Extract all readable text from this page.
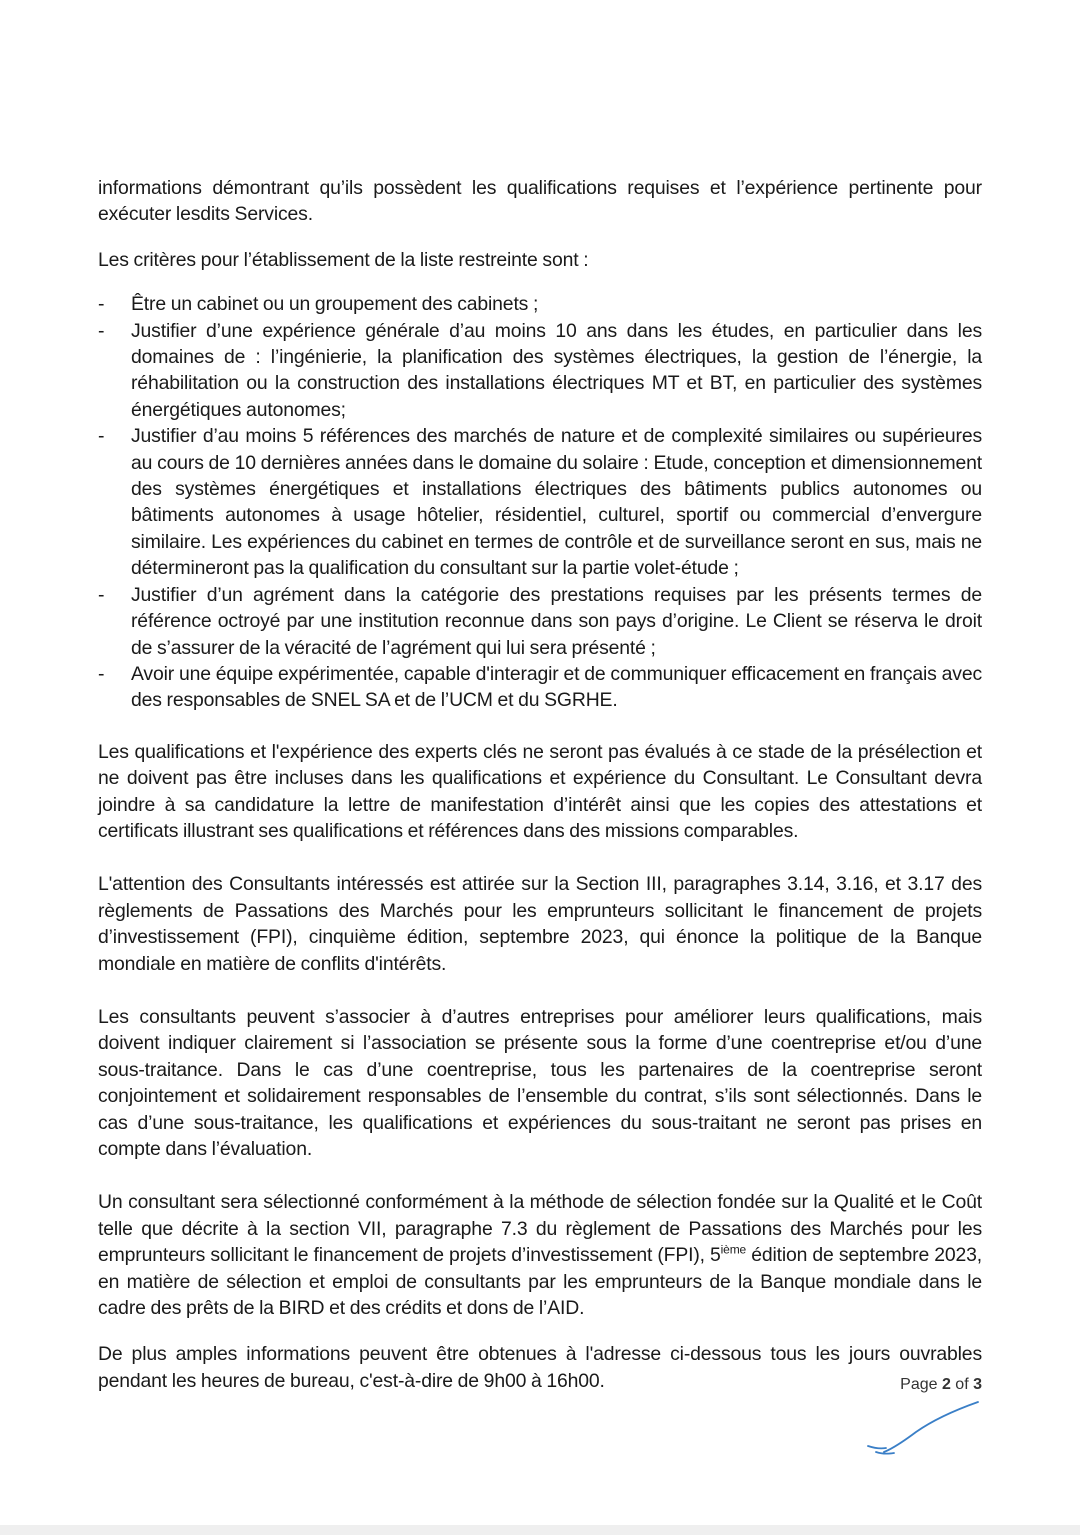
informations démontrant qu’ils possèdent les qualifications requises et l’expérience pertinente pour exécuter lesdits Services.

Les critères pour l’établissement de la liste restreinte sont :

- Être un cabinet ou un groupement des cabinets ;
- Justifier d’une expérience générale d’au moins 10 ans dans les études, en particulier dans les domaines de : l’ingénierie, la planification des systèmes électriques, la gestion de l’énergie, la réhabilitation ou la construction des installations électriques MT et BT, en particulier des systèmes énergétiques autonomes;
- Justifier d’au moins 5 références des marchés de nature et de complexité similaires ou supérieures au cours de 10 dernières années dans le domaine du solaire : Etude, conception et dimensionnement des systèmes énergétiques et installations électriques des bâtiments publics autonomes ou bâtiments autonomes à usage hôtelier, résidentiel, culturel, sportif ou commercial d’envergure similaire. Les expériences du cabinet en termes de contrôle et de surveillance seront en sus, mais ne détermineront pas la qualification du consultant sur la partie volet-étude ;
- Justifier d’un agrément dans la catégorie des prestations requises par les présents termes de référence octroyé par une institution reconnue dans son pays d’origine. Le Client se réserva le droit de s’assurer de la véracité de l’agrément qui lui sera présenté ;
- Avoir une équipe expérimentée, capable d'interagir et de communiquer efficacement en français avec des responsables de SNEL SA et de l’UCM et du SGRHE.

Les qualifications et l'expérience des experts clés ne seront pas évalués à ce stade de la présélection et ne doivent pas être incluses dans les qualifications et expérience du Consultant. Le Consultant devra joindre à sa candidature la lettre de manifestation d’intérêt ainsi que les copies des attestations et certificats illustrant ses qualifications et références dans des missions comparables.

L'attention des Consultants intéressés est attirée sur la Section III, paragraphes 3.14, 3.16, et 3.17 des règlements de Passations des Marchés pour les emprunteurs sollicitant le financement de projets d’investissement (FPI), cinquième édition, septembre 2023, qui énonce la politique de la Banque mondiale en matière de conflits d'intérêts.

Les consultants peuvent s’associer à d’autres entreprises pour améliorer leurs qualifications, mais doivent indiquer clairement si l’association se présente sous la forme d’une coentreprise et/ou d’une sous-traitance. Dans le cas d’une coentreprise, tous les partenaires de la coentreprise seront conjointement et solidairement responsables de l’ensemble du contrat, s’ils sont sélectionnés. Dans le cas d’une sous-traitance, les qualifications et expériences du sous-traitant ne seront pas prises en compte dans l’évaluation.

Un consultant sera sélectionné conformément à la méthode de sélection fondée sur la Qualité et le Coût telle que décrite à la section VII, paragraphe 7.3 du règlement de Passations des Marchés pour les emprunteurs sollicitant le financement de projets d’investissement (FPI), 5ième édition de septembre 2023, en matière de sélection et emploi de consultants par les emprunteurs de la Banque mondiale dans le cadre des prêts de la BIRD et des crédits et dons de l’AID.

De plus amples informations peuvent être obtenues à l'adresse ci-dessous tous les jours ouvrables pendant les heures de bureau, c'est-à-dire de 9h00 à 16h00.	Page 2 of 3
